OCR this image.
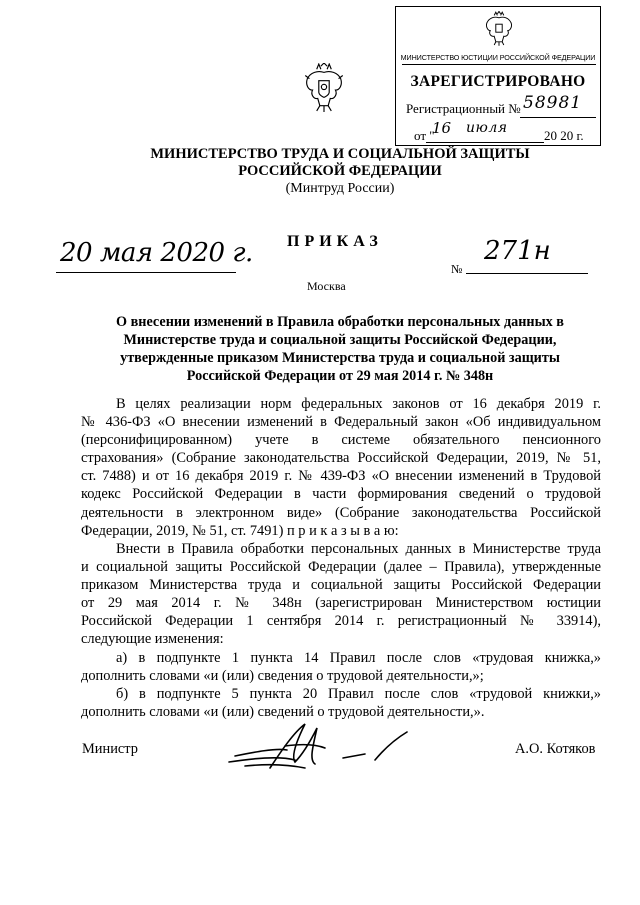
МИНИСТЕРСТВО ЮСТИЦИИ РОССИЙСКОЙ ФЕДЕРАЦИИ
ЗАРЕГИСТРИРОВАНО
Регистрационный № 58981
от "
16 июля	20 20 г.
МИНИСТЕРСТВО ТРУДА И СОЦИАЛЬНОЙ ЗАЩИТЫ
РОССИЙСКОЙ ФЕДЕРАЦИИ
(Минтруд России)
20 мая 2020 г. ПРИКАЗ
Москва
№
271н
О внесении изменений в Правила обработки персональных данных в
Министерстве труда и социальной защиты Российской Федерации,
утвержденные приказом Министерства труда и социальной защиты
Российской Федерации от 29 мая 2014 г. № 348н
В целях реализации норм федеральных законов от 16 декабря 2019 г.
№ 436-ФЗ «О внесении изменений в Федеральный закон «Об индивидуальном
(персонифицированном) учете в системе обязательного пенсионного
страхования» (Собрание законодательства Российской Федерации, 2019, № 51,
ст. 7488) и от 16 декабря 2019 г. № 439-ФЗ «О внесении изменений в Трудовой
кодекс Российской Федерации в части формирования сведений о трудовой
деятельности в электронном виде» (Собрание законодательства Российской
Федерации, 2019, № 51, ст. 7491) п р и к а з ы в а ю:
Внести в Правила обработки персональных данных в Министерстве труда
и социальной защиты Российской Федерации (далее – Правила), утвержденные
приказом Министерства труда и социальной защиты Российской Федерации
от 29 мая 2014 г. № 348н (зарегистрирован Министерством юстиции
Российской Федерации 1 сентября 2014 г. регистрационный № 33914),
следующие изменения:
а) в подпункте 1 пункта 14 Правил после слов «трудовая книжка,»
дополнить словами «и (или) сведения о трудовой деятельности,»;
б) в подпункте 5 пункта 20 Правил после слов «трудовой книжки,»
дополнить словами «и (или) сведений о трудовой деятельности,».
Министр	А.О. Котяков
